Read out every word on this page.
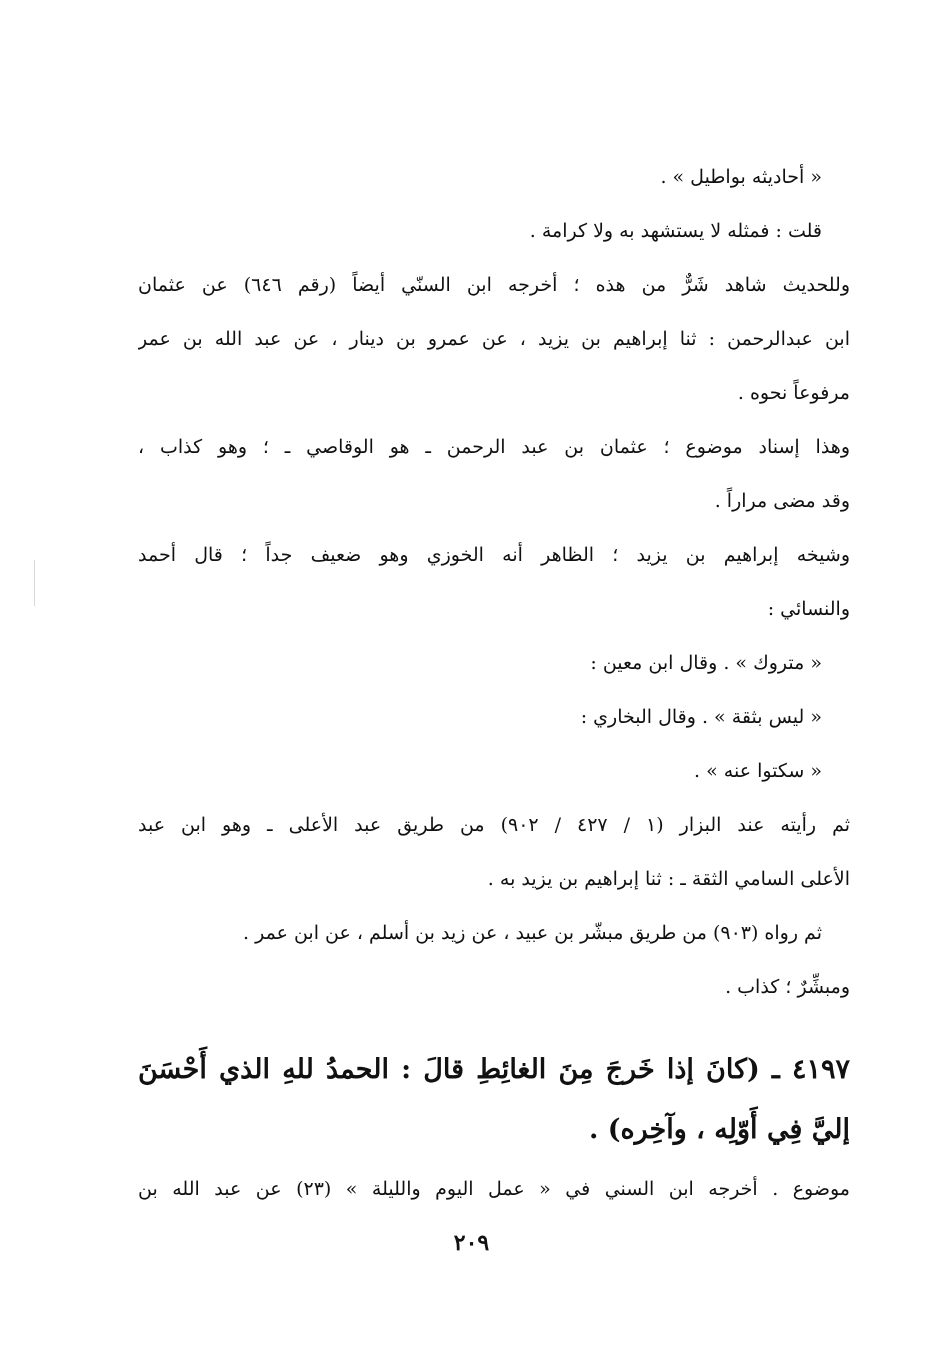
« أحاديثه بواطيل » .
قلت : فمثله لا يستشهد به ولا كرامة .
وللحديث شاهد شَرٌّ من هذه ؛ أخرجه ابن السنّي أيضاً (رقم ٦٤٦) عن عثمان
ابن عبدالرحمن : ثنا إبراهيم بن يزيد ، عن عمرو بن دينار ، عن عبد الله بن عمر
مرفوعاً نحوه .
وهذا إسناد موضوع ؛ عثمان بن عبد الرحمن ـ هو الوقاصي ـ ؛ وهو كذاب ،
وقد مضى مراراً .
وشيخه إبراهيم بن يزيد ؛ الظاهر أنه الخوزي وهو ضعيف جداً ؛ قال أحمد
والنسائي :
« متروك » . وقال ابن معين :
« ليس بثقة » . وقال البخاري :
« سكتوا عنه » .
ثم رأيته عند البزار (١ / ٤٢٧ / ٩٠٢) من طريق عبد الأعلى ـ وهو ابن عبد
الأعلى السامي الثقة ـ : ثنا إبراهيم بن يزيد به .
ثم رواه (٩٠٣) من طريق مبشّر بن عبيد ، عن زيد بن أسلم ، عن ابن عمر .
ومبشِّرٌ ؛ كذاب .
٤١٩٧ ـ (كانَ إذا خَرجَ مِنَ الغائِطِ قالَ : الحمدُ للهِ الذي أَحْسَنَ
إليَّ فِي أَوّلِه ، وآخِره) .
موضوع . أخرجه ابن السني في « عمل اليوم والليلة » (٢٣) عن عبد الله بن
٢٠٩
